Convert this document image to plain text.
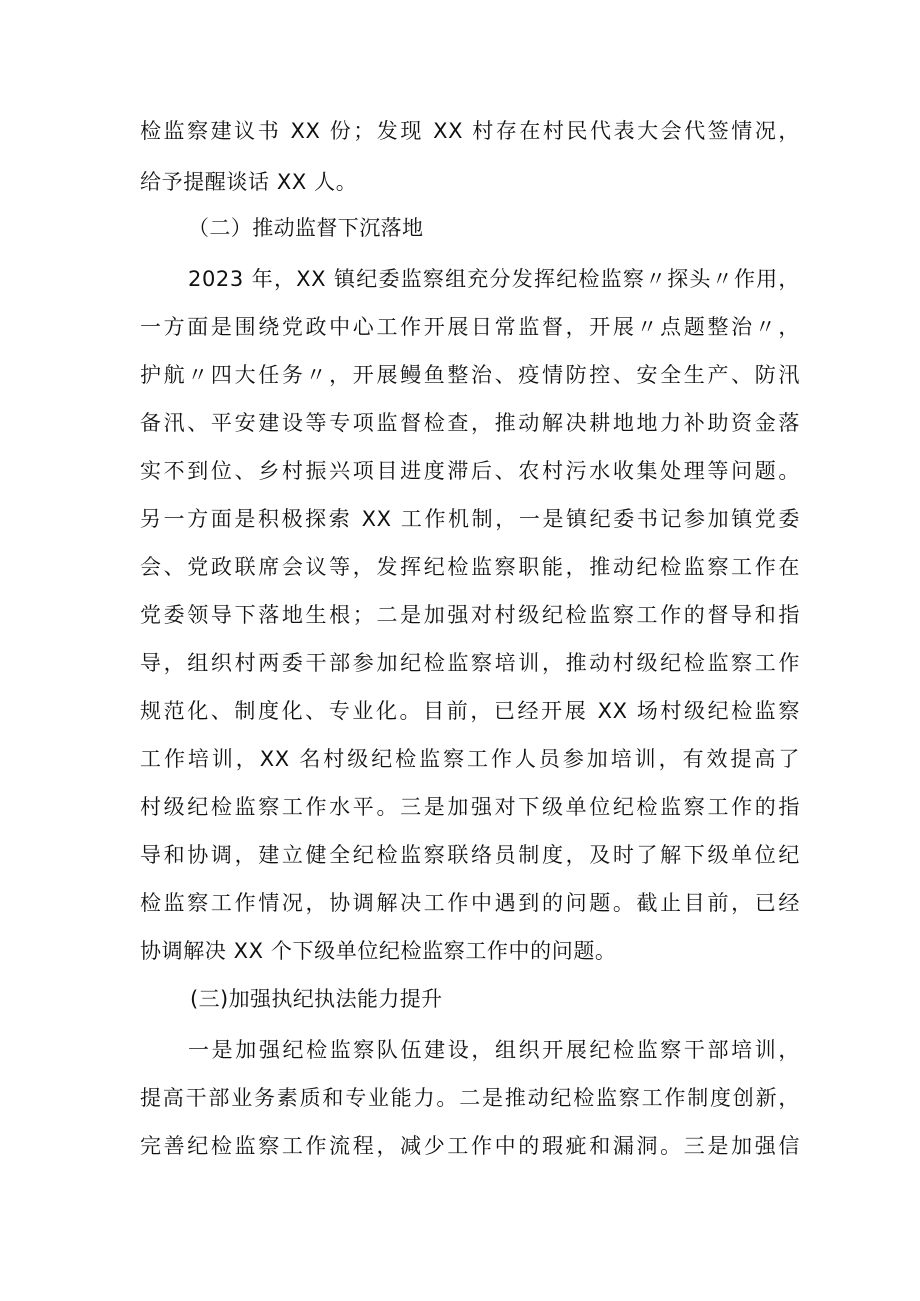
检监察建议书 XX 份；发现 XX 村存在村民代表大会代签情况，
给予提醒谈话 XX 人。
（二）推动监督下沉落地
2023 年，XX 镇纪委监察组充分发挥纪检监察〃探头〃作用，
一方面是围绕党政中心工作开展日常监督，开展〃点题整治〃，
护航〃四大任务〃，开展鳗鱼整治、疫情防控、安全生产、防汛
备汛、平安建设等专项监督检查，推动解决耕地地力补助资金落
实不到位、乡村振兴项目进度滞后、农村污水收集处理等问题。
另一方面是积极探索 XX 工作机制，一是镇纪委书记参加镇党委
会、党政联席会议等，发挥纪检监察职能，推动纪检监察工作在
党委领导下落地生根；二是加强对村级纪检监察工作的督导和指
导，组织村两委干部参加纪检监察培训，推动村级纪检监察工作
规范化、制度化、专业化。目前，已经开展 XX 场村级纪检监察
工作培训，XX 名村级纪检监察工作人员参加培训，有效提高了
村级纪检监察工作水平。三是加强对下级单位纪检监察工作的指
导和协调，建立健全纪检监察联络员制度，及时了解下级单位纪
检监察工作情况，协调解决工作中遇到的问题。截止目前，已经
协调解决 XX 个下级单位纪检监察工作中的问题。
(三)加强执纪执法能力提升
一是加强纪检监察队伍建设，组织开展纪检监察干部培训，
提高干部业务素质和专业能力。二是推动纪检监察工作制度创新，
完善纪检监察工作流程，减少工作中的瑕疵和漏洞。三是加强信
